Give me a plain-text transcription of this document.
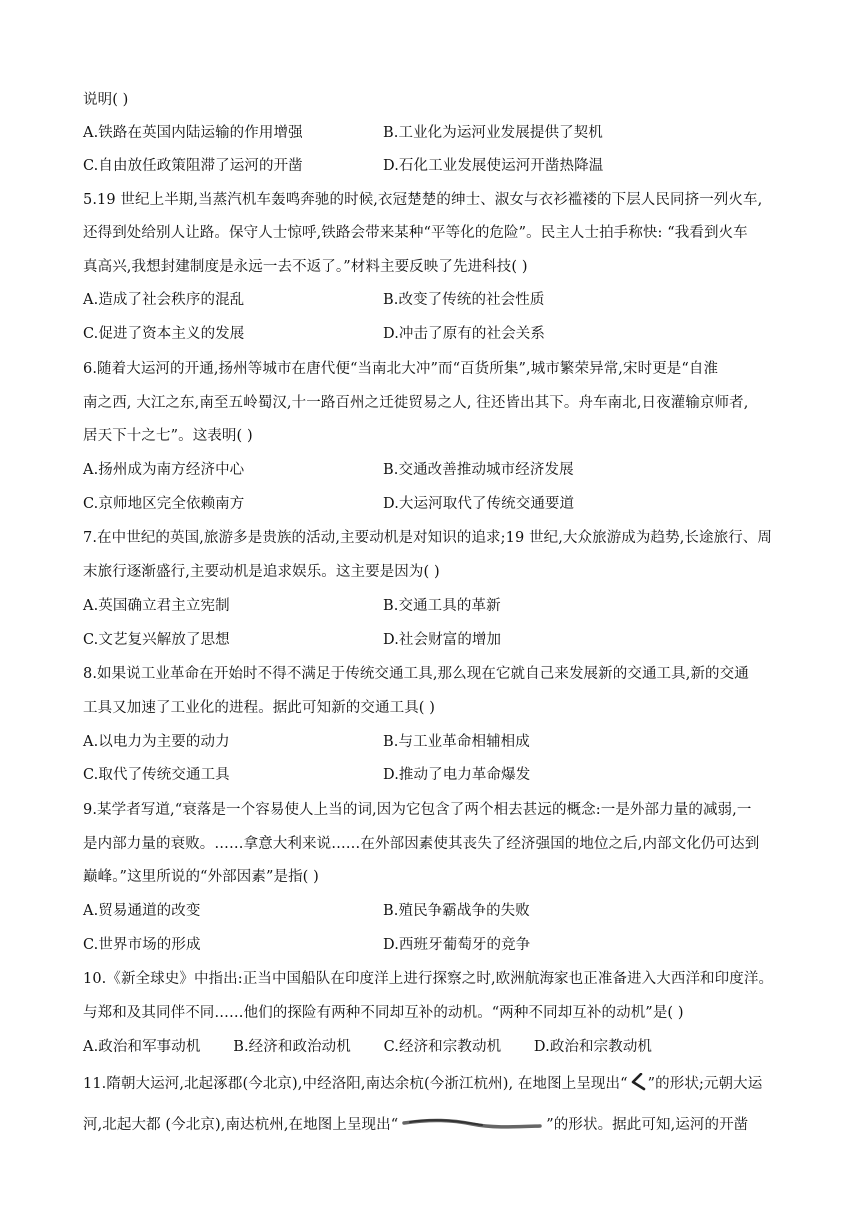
说明( )
A.铁路在英国内陆运输的作用增强	B.工业化为运河业发展提供了契机
C.自由放任政策阻滞了运河的开凿	D.石化工业发展使运河开凿热降温
5.19 世纪上半期,当蒸汽机车轰鸣奔驰的时候,衣冠楚楚的绅士、淑女与衣衫褴褛的下层人民同挤一列火车,
还得到处给别人让路。保守人士惊呼,铁路会带来某种“平等化的危险”。民主人士拍手称快: “我看到火车
真高兴,我想封建制度是永远一去不返了。”材料主要反映了先进科技( )
A.造成了社会秩序的混乱	B.改变了传统的社会性质
C.促进了资本主义的发展	D.冲击了原有的社会关系
6.随着大运河的开通,扬州等城市在唐代便“当南北大冲”而“百货所集”,城市繁荣异常,宋时更是“自淮
南之西, 大江之东,南至五岭蜀汉,十一路百州之迁徙贸易之人, 往还皆出其下。舟车南北,日夜灌输京师者,
居天下十之七”。这表明( )
A.扬州成为南方经济中心	B.交通改善推动城市经济发展
C.京师地区完全依赖南方	D.大运河取代了传统交通要道
7.在中世纪的英国,旅游多是贵族的活动,主要动机是对知识的追求;19 世纪,大众旅游成为趋势,长途旅行、周
末旅行逐渐盛行,主要动机是追求娱乐。这主要是因为( )
A.英国确立君主立宪制	B.交通工具的革新
C.文艺复兴解放了思想	D.社会财富的增加
8.如果说工业革命在开始时不得不满足于传统交通工具,那么现在它就自己来发展新的交通工具,新的交通
工具又加速了工业化的进程。据此可知新的交通工具( )
A.以电力为主要的动力	B.与工业革命相辅相成
C.取代了传统交通工具	D.推动了电力革命爆发
9.某学者写道,“衰落是一个容易使人上当的词,因为它包含了两个相去甚远的概念:一是外部力量的减弱,一
是内部力量的衰败。……拿意大利来说……在外部因素使其丧失了经济强国的地位之后,内部文化仍可达到
巅峰。”这里所说的“外部因素”是指( )
A.贸易通道的改变	B.殖民争霸战争的失败
C.世界市场的形成	D.西班牙葡萄牙的竞争
10.《新全球史》中指出:正当中国船队在印度洋上进行探察之时,欧洲航海家也正准备进入大西洋和印度洋。
与郑和及其同伴不同……他们的探险有两种不同却互补的动机。“两种不同却互补的动机”是( )
A.政治和军事动机 B.经济和政治动机 C.经济和宗教动机 D.政治和宗教动机
11.隋朝大运河,北起涿郡(今北京),中经洛阳,南达余杭(今浙江杭州), 在地图上呈现出“ ”的形状;元朝大运
河,北起大都 (今北京),南达杭州,在地图上呈现出“	”的形状。据此可知,运河的开凿
